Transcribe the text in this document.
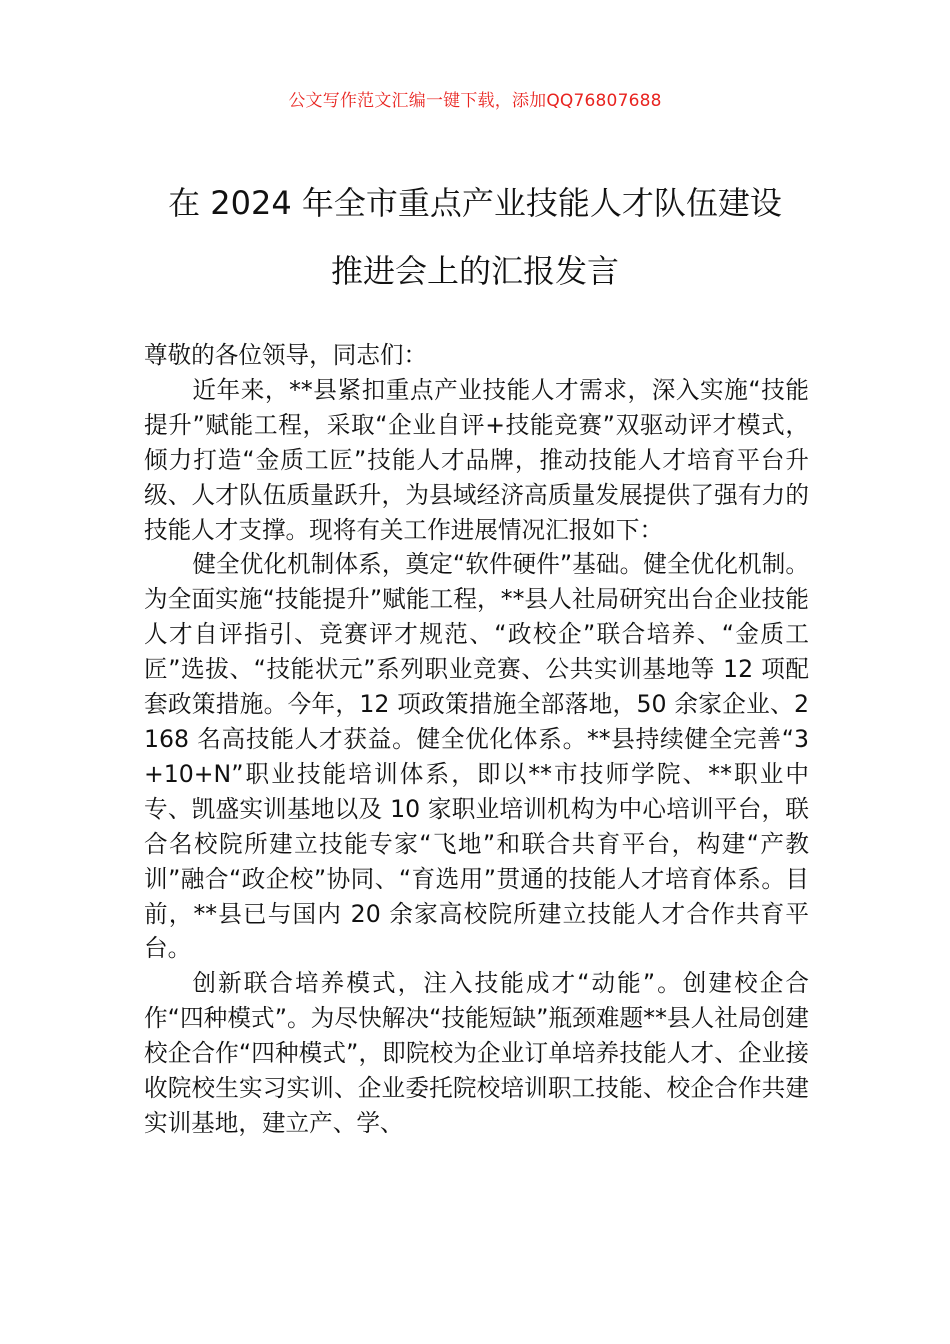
公文写作范文汇编一键下载，添加QQ76807688
在 2024 年全市重点产业技能人才队伍建设
推进会上的汇报发言

尊敬的各位领导，同志们：

近年来，**县紧扣重点产业技能人才需求，深入实施“技能提升”赋能工程，采取“企业自评+技能竞赛”双驱动评才模式，倾力打造“金质工匠”技能人才品牌，推动技能人才培育平台升级、人才队伍质量跃升，为县域经济高质量发展提供了强有力的技能人才支撑。现将有关工作进展情况汇报如下：

健全优化机制体系，奠定“软件硬件”基础。健全优化机制。为全面实施“技能提升”赋能工程，**县人社局研究出台企业技能人才自评指引、竞赛评才规范、“政校企”联合培养、“金质工匠”选拔、“技能状元”系列职业竞赛、公共实训基地等 12 项配套政策措施。今年，12 项政策措施全部落地，50 余家企业、2168 名高技能人才获益。健全优化体系。**县持续健全完善“3+10+N”职业技能培训体系，即以**市技师学院、**职业中专、凯盛实训基地以及 10 家职业培训机构为中心培训平台，联合名校院所建立技能专家“飞地”和联合共育平台，构建“产教训”融合“政企校”协同、“育选用”贯通的技能人才培育体系。目前，**县已与国内 20 余家高校院所建立技能人才合作共育平台。

创新联合培养模式，注入技能成才“动能”。创建校企合作“四种模式”。为尽快解决“技能短缺”瓶颈难题**县人社局创建校企合作“四种模式”，即院校为企业订单培养技能人才、企业接收院校生实习实训、企业委托院校培训职工技能、校企合作共建实训基地，建立产、学、
